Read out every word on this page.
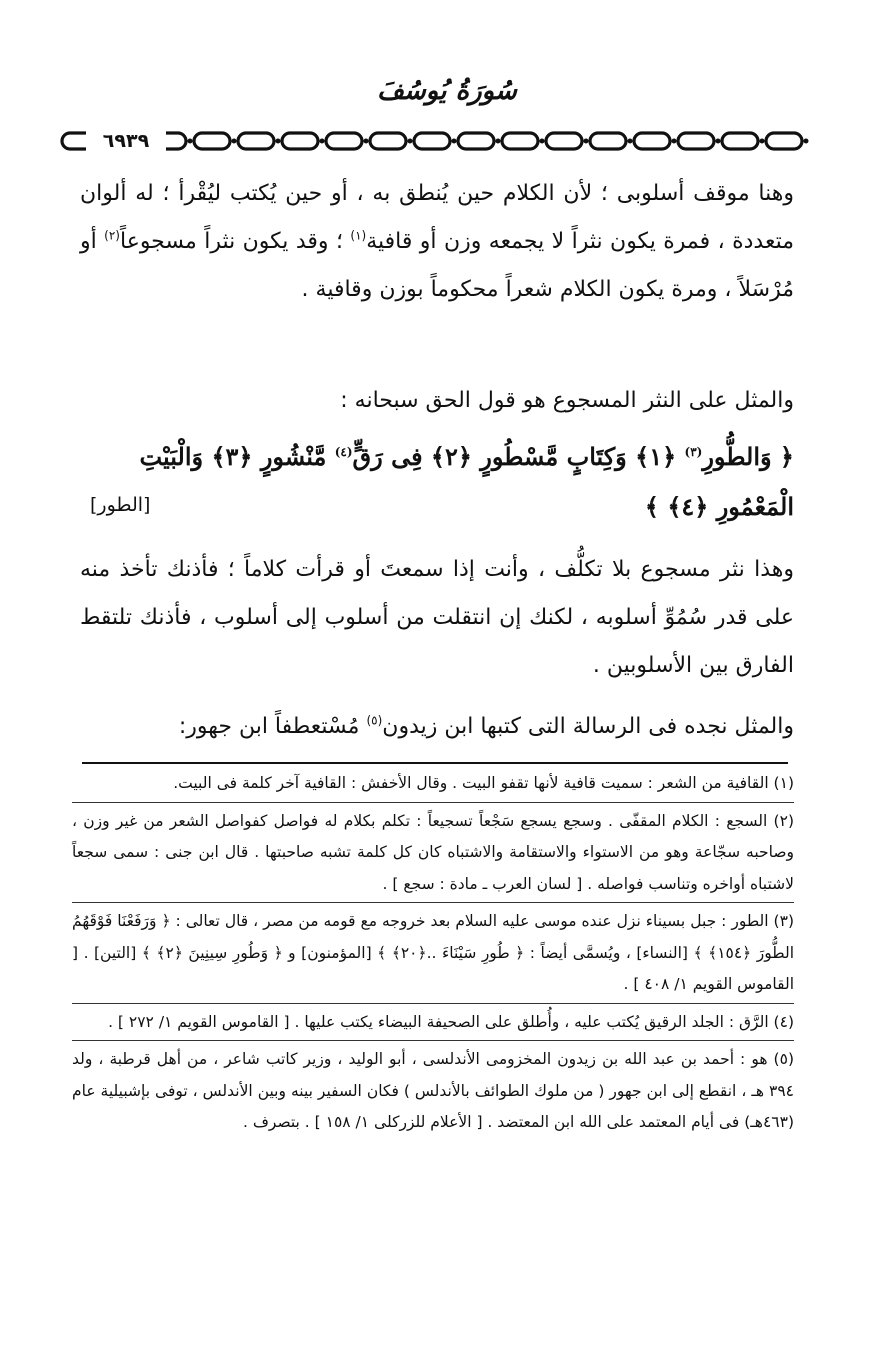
سُورَةُ يُوسُفَ
٦٩٣٩
وهنا موقف أسلوبى ؛ لأن الكلام حين يُنطق به ، أو حين يُكتب ليُقْرأ ؛ له ألوان متعددة ، فمرة يكون نثراً لا يجمعه وزن أو قافية$^{(١)}$ ؛ وقد يكون نثراً مسجوعاً$^{(٢)}$ أو مُرْسَلاً ، ومرة يكون الكلام شعراً محكوماً بوزن وقافية .
والمثل على النثر المسجوع هو قول الحق سبحانه :
﴿ وَالطُّورِ$^{(٣)}$ ﴿١﴾ وَكِتَابٍ مَّسْطُورٍ ﴿٢﴾ فِى رَقٍّ$^{(٤)}$ مَّنْشُورٍ ﴿٣﴾ وَالْبَيْتِ الْمَعْمُورِ ﴿٤﴾ ﴾
[الطور]
وهذا نثر مسجوع بلا تكلُّف ، وأنت إذا سمعتَ أو قرأت كلاماً ؛ فأذنك تأخذ منه على قدر سُمُوِّ أسلوبه ، لكنك إن انتقلت من أسلوب إلى أسلوب ، فأذنك تلتقط الفارق بين الأسلوبين .
والمثل نجده فى الرسالة التى كتبها ابن زيدون$^{(٥)}$ مُسْتعطفاً ابن جهور:
(١) القافية من الشعر : سميت قافية لأنها تقفو البيت . وقال الأخفش : القافية آخر كلمة فى البيت.
(٢) السجع : الكلام المقفّى . وسجع يسجع سَجْعاً تسجيعاً : تكلم بكلام له فواصل كفواصل الشعر من غير وزن ، وصاحبه سجّاعة وهو من الاستواء والاستقامة والاشتباه كان كل كلمة تشبه صاحبتها . قال ابن جنى : سمى سجعاً لاشتباه أواخره وتناسب فواصله . [ لسان العرب ـ مادة : سجع ] .
(٣) الطور : جبل بسيناء نزل عنده موسى عليه السلام بعد خروجه مع قومه من مصر ، قال تعالى : ﴿ وَرَفَعْنَا فَوْقَهُمُ الطُّورَ ﴿١٥٤﴾ ﴾ [النساء] ، ويُسمَّى أيضاً : ﴿ طُورِ سَيْنَاءَ ..﴿٢٠﴾ ﴾ [المؤمنون] و ﴿ وَطُورِ سِينِينَ ﴿٢﴾ ﴾ [التين] . [ القاموس القويم ١/ ٤٠٨ ] .
(٤) الرَّق : الجلد الرقيق يُكتب عليه ، وأُطلق على الصحيفة البيضاء يكتب عليها . [ القاموس القويم ١/ ٢٧٢ ] .
(٥) هو : أحمد بن عبد الله بن زيدون المخزومى الأندلسى ، أبو الوليد ، وزير كاتب شاعر ، من أهل قرطبة ، ولد ٣٩٤ هـ ، انقطع إلى ابن جهور ( من ملوك الطوائف بالأندلس ) فكان السفير بينه وبين الأندلس ، توفى بإشبيلية عام (٤٦٣هـ) فى أيام المعتمد على الله ابن المعتضد . [ الأعلام للزركلى ١/ ١٥٨ ] . بتصرف .
